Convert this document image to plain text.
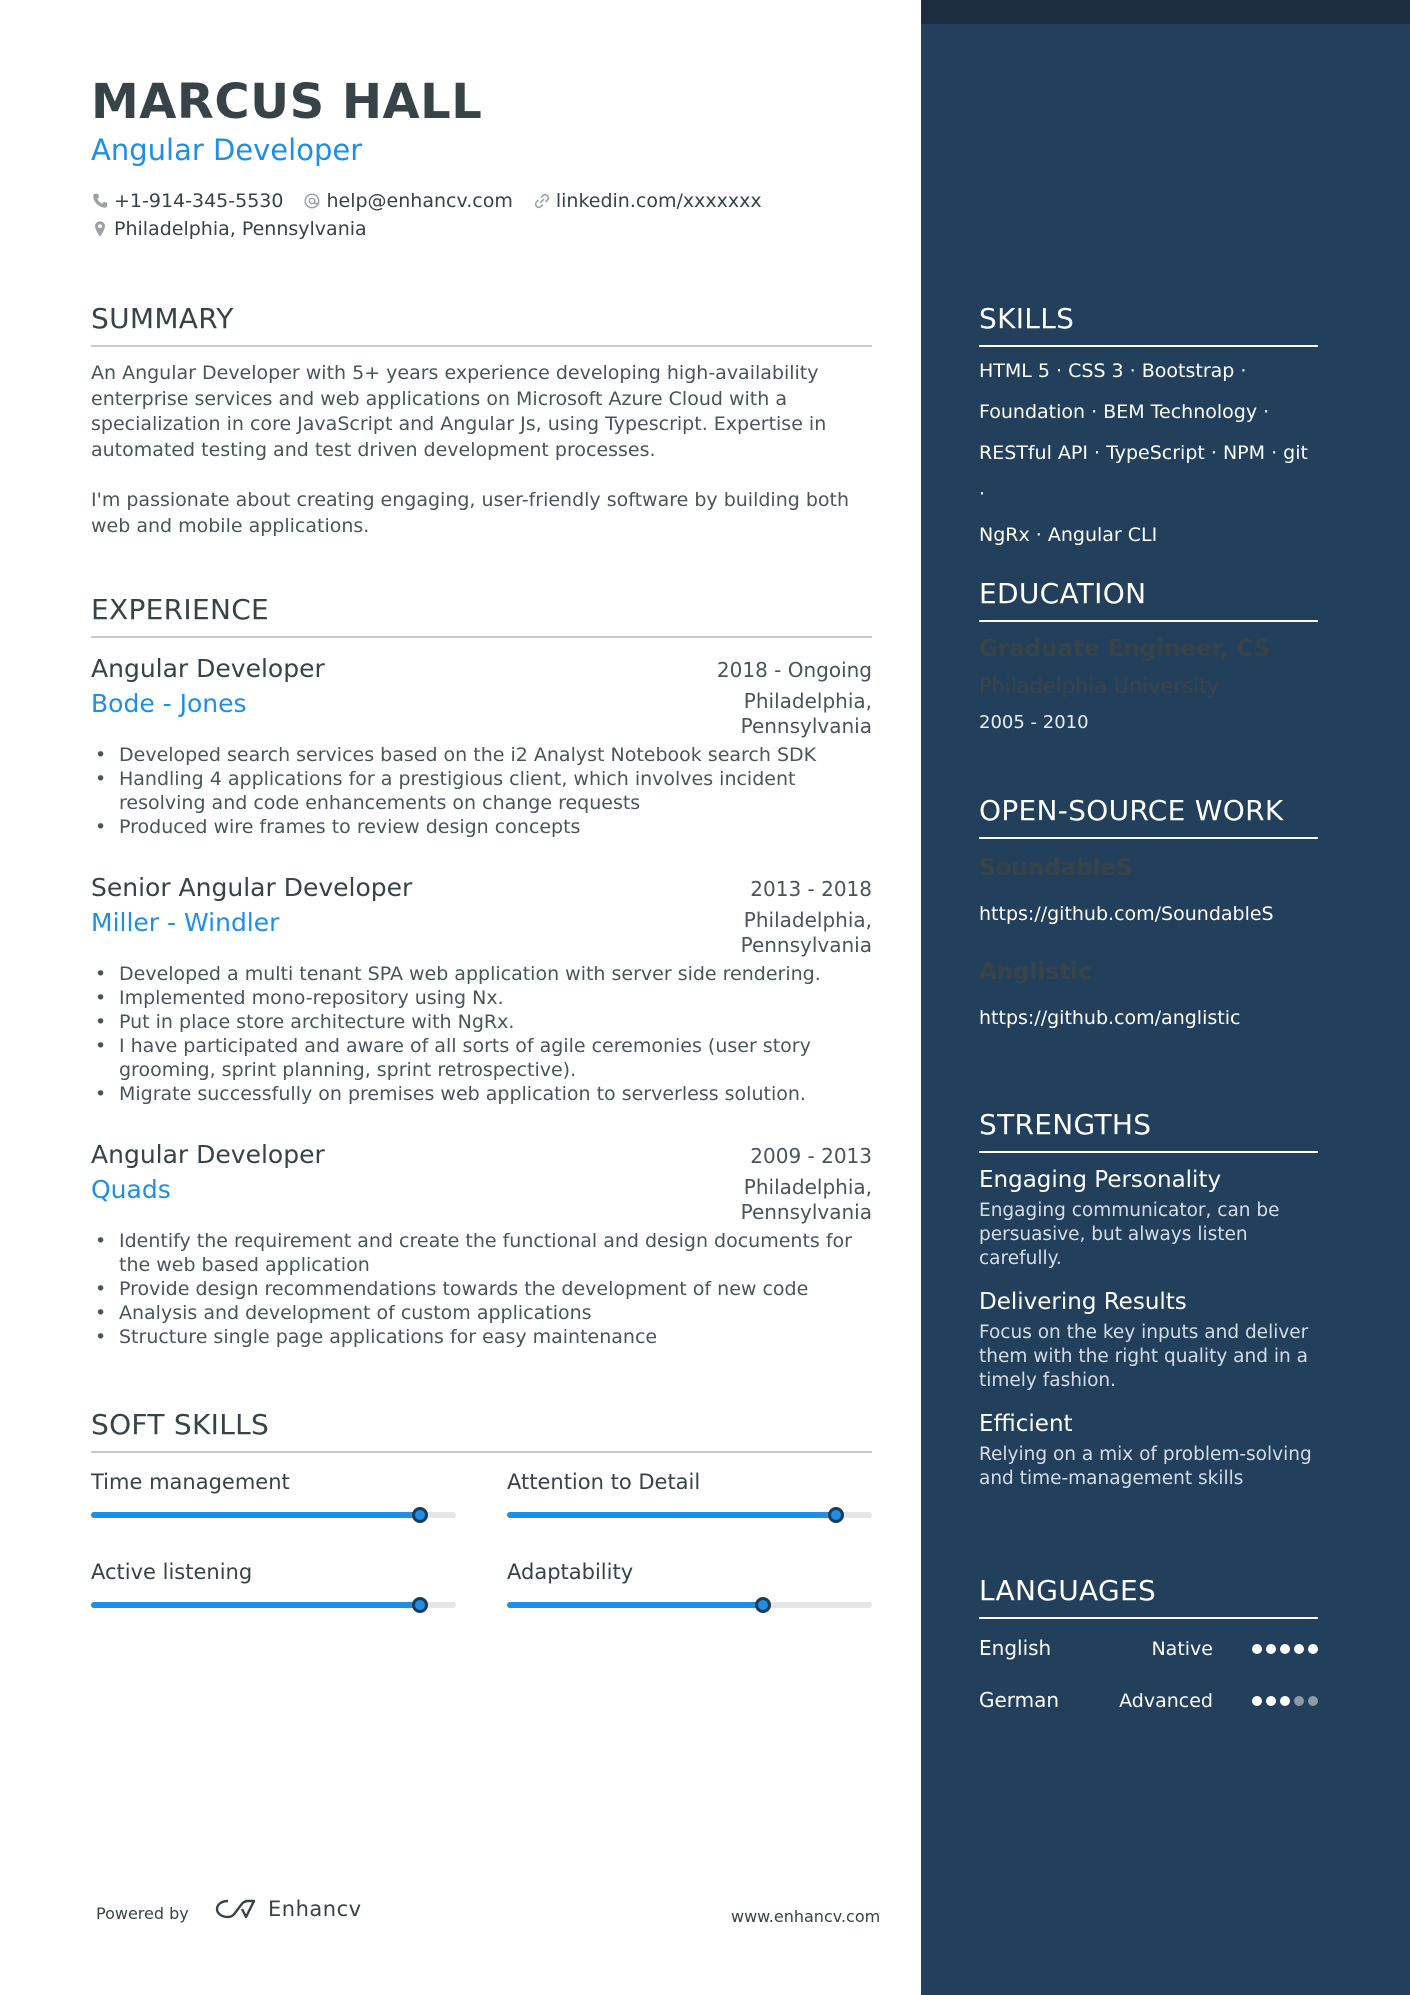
MARCUS HALL
Angular Developer
+1-914-345-5530 help@enhancv.com linkedin.com/xxxxxxx
Philadelphia, Pennsylvania
SUMMARY
An Angular Developer with 5+ years experience developing high-availability enterprise services and web applications on Microsoft Azure Cloud with a specialization in core JavaScript and Angular Js, using Typescript. Expertise in automated testing and test driven development processes.
I'm passionate about creating engaging, user-friendly software by building both web and mobile applications.
EXPERIENCE
Angular Developer	2018 - Ongoing
Bode - Jones	Philadelphia,
Pennsylvania
• Developed search services based on the i2 Analyst Notebook search SDK
• Handling 4 applications for a prestigious client, which involves incident resolving and code enhancements on change requests
• Produced wire frames to review design concepts
Senior Angular Developer	2013 - 2018
Miller - Windler	Philadelphia,
Pennsylvania
• Developed a multi tenant SPA web application with server side rendering.
• Implemented mono-repository using Nx.
• Put in place store architecture with NgRx.
• I have participated and aware of all sorts of agile ceremonies (user story grooming, sprint planning, sprint retrospective).
• Migrate successfully on premises web application to serverless solution.
Angular Developer	2009 - 2013
Quads	Philadelphia,
Pennsylvania
• Identify the requirement and create the functional and design documents for the web based application
• Provide design recommendations towards the development of new code
• Analysis and development of custom applications
• Structure single page applications for easy maintenance
SOFT SKILLS
Time management	Attention to Detail
Active listening	Adaptability
Powered by	Enhancv	www.enhancv.com
SKILLS
HTML 5 · CSS 3 · Bootstrap ·
Foundation · BEM Technology ·
RESTful API · TypeScript · NPM · git ·
NgRx · Angular CLI
EDUCATION
Graduate Engineer, CS
Philadelphia University
2005 - 2010
OPEN-SOURCE WORK
SoundableS
https://github.com/SoundableS
Anglistic
https://github.com/anglistic
STRENGTHS
Engaging Personality
Engaging communicator, can be persuasive, but always listen carefully.
Delivering Results
Focus on the key inputs and deliver them with the right quality and in a timely fashion.
Efficient
Relying on a mix of problem-solving and time-management skills
LANGUAGES
English	Native
German	Advanced
